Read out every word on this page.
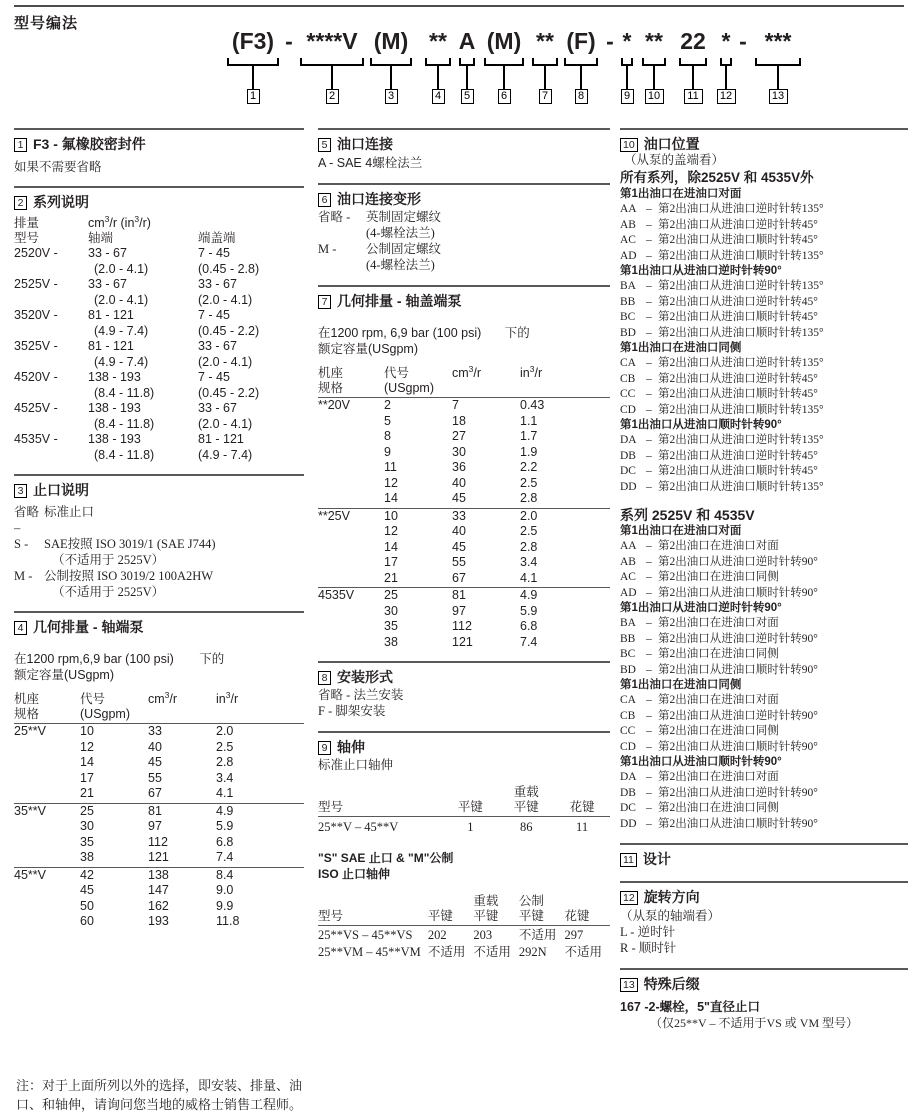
型号编法
(F3)
1
- ****V
2
(M)
3
**
4
A
5
(M)
6
**
7
(F)
8
- *
9
**
10
22
11
*
12
- ***
13
1 F3 - 氟橡胶密封件
如果不需要省略
2 系列说明
排量	$cm^3/r$ $(in^3/r)$	
型号	轴端	端盖端
2520V -	33 - 67	7 - 45
	(2.0 - 4.1)	(0.45 - 2.8)
2525V -	33 - 67	33 - 67
	(2.0 - 4.1)	(2.0 - 4.1)
3520V -	81 - 121	7 - 45
	(4.9 - 7.4)	(0.45 - 2.2)
3525V -	81 - 121	33 - 67
	(4.9 - 7.4)	(2.0 - 4.1)
4520V -	138 - 193	7 - 45
	(8.4 - 11.8)	(0.45 - 2.2)
4525V -	138 - 193	33 - 67
	(8.4 - 11.8)	(2.0 - 4.1)
4535V -	138 - 193	81 - 121
	(8.4 - 11.8)	(4.9 - 7.4)
3 止口说明
省略 –
标准止口
S -	SAE按照 ISO 3019/1 (SAE J744)
（不适用于 2525V）
M - 公制按照 ISO 3019/2 100A2HW
（不适用于 2525V）
4 几何排量 - 轴端泵
在1200 rpm,6,9 bar (100 psi) 下的
额定容量(USgpm)
机座	代号	$cm^3/r$	$in^3/r$
规格	(USgpm)		
25**V	10	33	2.0
	12	40	2.5
	14	45	2.8
	17	55	3.4
	21	67	4.1
35**V	25	81	4.9
	30	97	5.9
	35	112	6.8
	38	121	7.4
45**V	42	138	8.4
	45	147	9.0
	50	162	9.9
	60	193	11.8
5 油口连接
A - SAE 4螺栓法兰
6 油口连接变形
省略 -	英制固定螺纹
(4-螺栓法兰)
M -	公制固定螺纹
(4-螺栓法兰)
7 几何排量 - 轴盖端泵
在1200 rpm, 6,9 bar (100 psi) 下的
额定容量(USgpm)
机座	代号	$cm^3/r$	$in^3/r$
规格	(USgpm)		
**20V	2	7	0.43
	5	18	1.1
	8	27	1.7
	9	30	1.9
	11	36	2.2
	12	40	2.5
	14	45	2.8
**25V	10	33	2.0
	12	40	2.5
	14	45	2.8
	17	55	3.4
	21	67	4.1
4535V	25	81	4.9
	30	97	5.9
	35	112	6.8
	38	121	7.4
8 安装形式
省略 - 法兰安装
F - 脚架安装
9 轴伸
标准止口轴伸
		重载	
型号	平键	平键	花键
25**V – 45**V	1	86	11
"S" SAE 止口 & "M"公制
ISO 止口轴伸
		重载	公制	
型号	平键	平键	平键	花键
25**VS – 45**VS	202	203	不适用	297
25**VM – 45**VM	不适用	不适用	292N	不适用
10 油口位置
（从泵的盖端看）
所有系列，除2525V 和 4535V外
第1出油口在进油口对面
AA – 第2出油口从进油口逆时针转135°
AB – 第2出油口从进油口逆时针转45°
AC – 第2出油口从进油口顺时针转45°
AD – 第2出油口从进油口顺时针转135°
第1出油口从进油口逆时针转90°
BA – 第2出油口从进油口逆时针转135°
BB – 第2出油口从进油口逆时针转45°
BC – 第2出油口从进油口顺时针转45°
BD – 第2出油口从进油口顺时针转135°
第1出油口在进油口同侧
CA – 第2出油口从进油口逆时针转135°
CB – 第2出油口从进油口逆时针转45°
CC – 第2出油口从进油口顺时针转45°
CD – 第2出油口从进油口顺时针转135°
第1出油口从进油口顺时针转90°
DA – 第2出油口从进油口逆时针转135°
DB – 第2出油口从进油口逆时针转45°
DC – 第2出油口从进油口顺时针转45°
DD – 第2出油口从进油口顺时针转135°
系列 2525V 和 4535V
第1出油口在进油口对面
AA – 第2出油口在进油口对面
AB – 第2出油口从进油口逆时针转90°
AC – 第2出油口在进油口同侧
AD – 第2出油口从进油口顺时针转90°
第1出油口从进油口逆时针转90°
BA – 第2出油口在进油口对面
BB – 第2出油口从进油口逆时针转90°
BC – 第2出油口在进油口同侧
BD – 第2出油口从进油口顺时针转90°
第1出油口在进油口同侧
CA – 第2出油口在进油口对面
CB – 第2出油口从进油口逆时针转90°
CC – 第2出油口在进油口同侧
CD – 第2出油口从进油口顺时针转90°
第1出油口从进油口顺时针转90°
DA – 第2出油口在进油口对面
DB – 第2出油口从进油口逆时针转90°
DC – 第2出油口在进油口同侧
DD – 第2出油口从进油口顺时针转90°
11 设计
12 旋转方向
（从泵的轴端看）
L - 逆时针
R - 顺时针
13 特殊后缀
167 -2-螺栓，5"直径止口
（仅25**V – 不适用于VS 或 VM 型号）
注：对于上面所列以外的选择，即安装、排量、油
口、和轴伸，请询问您当地的威格士销售工程师。
